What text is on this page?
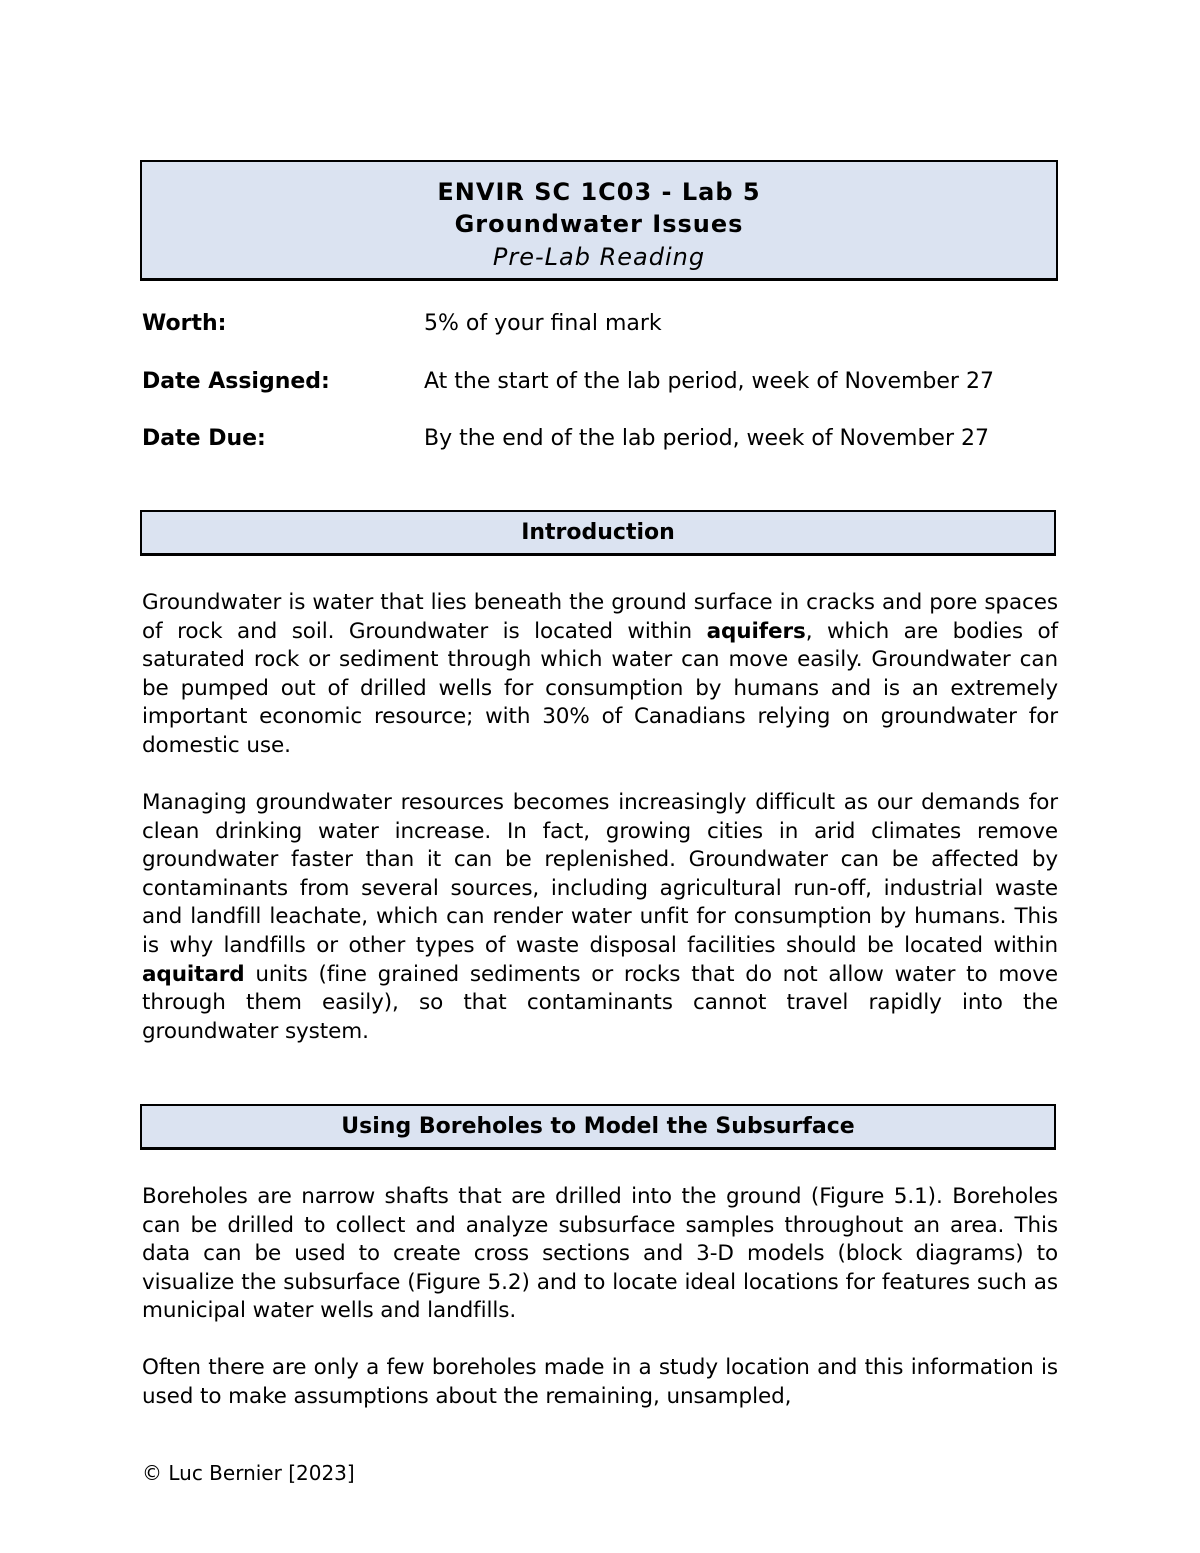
ENVIR SC 1C03 - Lab 5
Groundwater Issues
Pre-Lab Reading
Worth:	5% of your final mark
Date Assigned:	At the start of the lab period, week of November 27
Date Due:	By the end of the lab period, week of November 27
Introduction
Groundwater is water that lies beneath the ground surface in cracks and pore spaces of rock and soil. Groundwater is located within aquifers, which are bodies of saturated rock or sediment through which water can move easily. Groundwater can be pumped out of drilled wells for consumption by humans and is an extremely important economic resource; with 30% of Canadians relying on groundwater for domestic use.
Managing groundwater resources becomes increasingly difficult as our demands for clean drinking water increase. In fact, growing cities in arid climates remove groundwater faster than it can be replenished. Groundwater can be affected by contaminants from several sources, including agricultural run-off, industrial waste and landfill leachate, which can render water unfit for consumption by humans. This is why landfills or other types of waste disposal facilities should be located within aquitard units (fine grained sediments or rocks that do not allow water to move through them easily), so that contaminants cannot travel rapidly into the groundwater system.
Using Boreholes to Model the Subsurface
Boreholes are narrow shafts that are drilled into the ground (Figure 5.1). Boreholes can be drilled to collect and analyze subsurface samples throughout an area. This data can be used to create cross sections and 3-D models (block diagrams) to visualize the subsurface (Figure 5.2) and to locate ideal locations for features such as municipal water wells and landfills.
Often there are only a few boreholes made in a study location and this information is used to make assumptions about the remaining, unsampled,
© Luc Bernier [2023]
